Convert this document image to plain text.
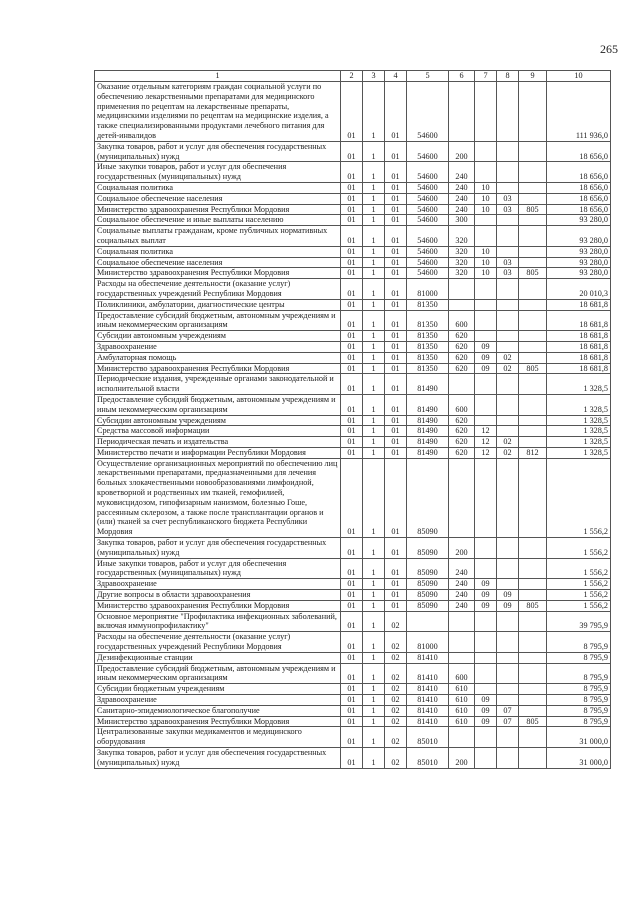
265
1	2	3	4	5	6	7	8	9	10
Оказание отдельным категориям граждан социальной услуги по обеспечению лекарственными препаратами для медицинского применения по рецептам на лекарственные препараты, медицинскими изделиями по рецептам на медицинские изделия, а также специализированными продуктами лечебного питания для детей-инвалидов	01	1	01	54600					111 936,0
Закупка товаров, работ и услуг для обеспечения государственных (муниципальных) нужд	01	1	01	54600	200				18 656,0
Иные закупки товаров, работ и услуг для обеспечения государственных (муниципальных) нужд	01	1	01	54600	240				18 656,0
Социальная политика	01	1	01	54600	240	10			18 656,0
Социальное обеспечение населения	01	1	01	54600	240	10	03		18 656,0
Министерство здравоохранения Республики Мордовия	01	1	01	54600	240	10	03	805	18 656,0
Социальное обеспечение и иные выплаты населению	01	1	01	54600	300				93 280,0
Социальные выплаты гражданам, кроме публичных нормативных социальных выплат	01	1	01	54600	320				93 280,0
Социальная политика	01	1	01	54600	320	10			93 280,0
Социальное обеспечение населения	01	1	01	54600	320	10	03		93 280,0
Министерство здравоохранения Республики Мордовия	01	1	01	54600	320	10	03	805	93 280,0
Расходы на обеспечение деятельности (оказание услуг) государственных учреждений Республики Мордовия	01	1	01	81000					20 010,3
Поликлиники, амбулатории, диагностические центры	01	1	01	81350					18 681,8
Предоставление субсидий бюджетным, автономным учреждениям и иным некоммерческим организациям	01	1	01	81350	600				18 681,8
Субсидии автономным учреждениям	01	1	01	81350	620				18 681,8
Здравоохранение	01	1	01	81350	620	09			18 681,8
Амбулаторная помощь	01	1	01	81350	620	09	02		18 681,8
Министерство здравоохранения Республики Мордовия	01	1	01	81350	620	09	02	805	18 681,8
Периодические издания, учрежденные органами законодательной и исполнительной власти	01	1	01	81490					1 328,5
Предоставление субсидий бюджетным, автономным учреждениям и иным некоммерческим организациям	01	1	01	81490	600				1 328,5
Субсидии автономным учреждениям	01	1	01	81490	620				1 328,5
Средства массовой информации	01	1	01	81490	620	12			1 328,5
Периодическая печать и издательства	01	1	01	81490	620	12	02		1 328,5
Министерство печати и информации Республики Мордовия	01	1	01	81490	620	12	02	812	1 328,5
Осуществление организационных мероприятий по обеспечению лиц лекарственными препаратами, предназначенными для лечения больных злокачественными новообразованиями лимфоидной, кроветворной и родственных им тканей, гемофилией, муковисцидозом, гипофизарным нанизмом, болезнью Гоше, рассеянным склерозом, а также после трансплантации органов и (или) тканей за счет республиканского бюджета Республики Мордовия	01	1	01	85090					1 556,2
Закупка товаров, работ и услуг для обеспечения государственных (муниципальных) нужд	01	1	01	85090	200				1 556,2
Иные закупки товаров, работ и услуг для обеспечения государственных (муниципальных) нужд	01	1	01	85090	240				1 556,2
Здравоохранение	01	1	01	85090	240	09			1 556,2
Другие вопросы в области здравоохранения	01	1	01	85090	240	09	09		1 556,2
Министерство здравоохранения Республики Мордовия	01	1	01	85090	240	09	09	805	1 556,2
Основное мероприятие "Профилактика инфекционных заболеваний, включая иммунопрофилактику"	01	1	02						39 795,9
Расходы на обеспечение деятельности (оказание услуг) государственных учреждений Республики Мордовия	01	1	02	81000					8 795,9
Дезинфекционные станции	01	1	02	81410					8 795,9
Предоставление субсидий бюджетным, автономным учреждениям и иным некоммерческим организациям	01	1	02	81410	600				8 795,9
Субсидии бюджетным учреждениям	01	1	02	81410	610				8 795,9
Здравоохранение	01	1	02	81410	610	09			8 795,9
Санитарно-эпидемиологическое благополучие	01	1	02	81410	610	09	07		8 795,9
Министерство здравоохранения Республики Мордовия	01	1	02	81410	610	09	07	805	8 795,9
Централизованные закупки медикаментов и медицинского оборудования	01	1	02	85010					31 000,0
Закупка товаров, работ и услуг для обеспечения государственных (муниципальных) нужд	01	1	02	85010	200				31 000,0
